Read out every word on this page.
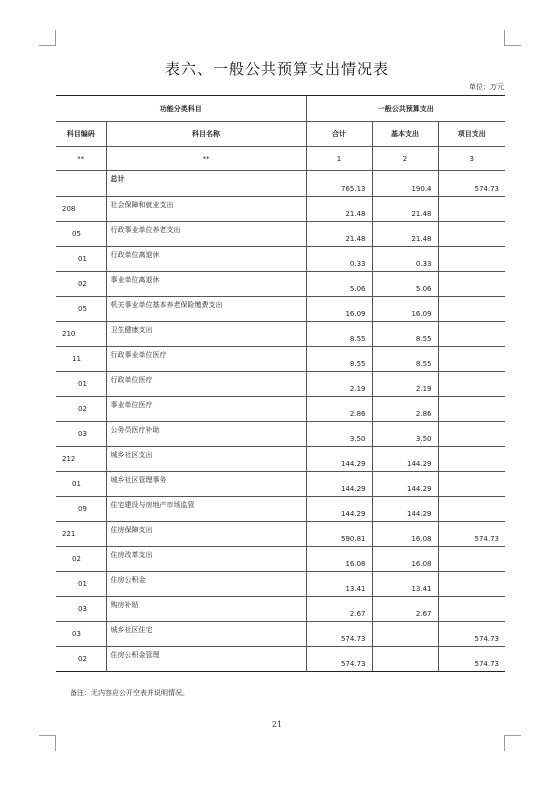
表六、一般公共预算支出情况表
单位：万元
功能分类科目		一般公共预算支出		
科目编码	科目名称	合计	基本支出	项目支出
**	**	1	2	3
	总计	765.13	190.4	574.73
208	社会保障和就业支出	21.48	21.48	
05	行政事业单位养老支出	21.48	21.48	
01	行政单位离退休	0.33	0.33	
02	事业单位离退休	5.06	5.06	
05	机关事业单位基本养老保险缴费支出	16.09	16.09	
210	卫生健康支出	8.55	8.55	
11	行政事业单位医疗	8.55	8.55	
01	行政单位医疗	2.19	2.19	
02	事业单位医疗	2.86	2.86	
03	公务员医疗补助	3.50	3.50	
212	城乡社区支出	144.29	144.29	
01	城乡社区管理事务	144.29	144.29	
09	住宅建设与房地产市场监管	144.29	144.29	
221	住房保障支出	590.81	16.08	574.73
02	住房改革支出	16.08	16.08	
01	住房公积金	13.41	13.41	
03	购房补贴	2.67	2.67	
03	城乡社区住宅	574.73		574.73
02	住房公积金管理	574.73		574.73
备注：无内容应公开空表并说明情况。
21
